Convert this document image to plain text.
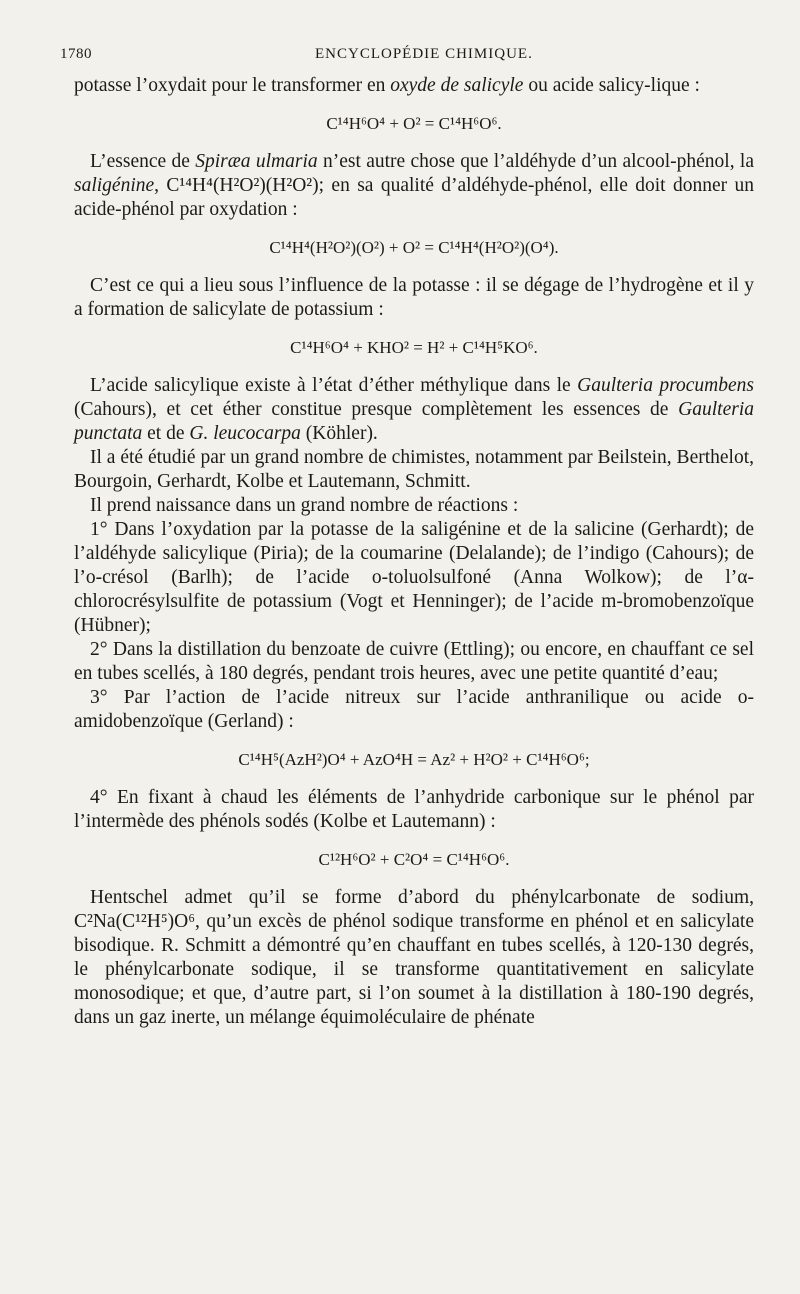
1780	ENCYCLOPÉDIE CHIMIQUE.

potasse l’oxydait pour le transformer en oxyde de salicyle ou acide salicy-lique :

C¹⁴H⁶O⁴ + O² = C¹⁴H⁶O⁶.

L’essence de Spiræa ulmaria n’est autre chose que l’aldéhyde d’un alcool-phénol, la saligénine, C¹⁴H⁴(H²O²)(H²O²); en sa qualité d’aldéhyde-phénol, elle doit donner un acide-phénol par oxydation :

C¹⁴H⁴(H²O²)(O²) + O² = C¹⁴H⁴(H²O²)(O⁴).

C’est ce qui a lieu sous l’influence de la potasse : il se dégage de l’hydrogène et il y a formation de salicylate de potassium :

C¹⁴H⁶O⁴ + KHO² = H² + C¹⁴H⁵KO⁶.

L’acide salicylique existe à l’état d’éther méthylique dans le Gaulteria procumbens (Cahours), et cet éther constitue presque complètement les essences de Gaulteria punctata et de G. leucocarpa (Köhler).

Il a été étudié par un grand nombre de chimistes, notamment par Beilstein, Berthelot, Bourgoin, Gerhardt, Kolbe et Lautemann, Schmitt.

Il prend naissance dans un grand nombre de réactions :

1° Dans l’oxydation par la potasse de la saligénine et de la salicine (Gerhardt); de l’aldéhyde salicylique (Piria); de la coumarine (Delalande); de l’indigo (Cahours); de l’o-crésol (Barlh); de l’acide o-toluolsulfoné (Anna Wolkow); de l’α-chlorocrésylsulfite de potassium (Vogt et Henninger); de l’acide m-bromobenzoïque (Hübner);

2° Dans la distillation du benzoate de cuivre (Ettling); ou encore, en chauffant ce sel en tubes scellés, à 180 degrés, pendant trois heures, avec une petite quantité d’eau;

3° Par l’action de l’acide nitreux sur l’acide anthranilique ou acide o-amidobenzoïque (Gerland) :

C¹⁴H⁵(AzH²)O⁴ + AzO⁴H = Az² + H²O² + C¹⁴H⁶O⁶;

4° En fixant à chaud les éléments de l’anhydride carbonique sur le phénol par l’intermède des phénols sodés (Kolbe et Lautemann) :

C¹²H⁶O² + C²O⁴ = C¹⁴H⁶O⁶.

Hentschel admet qu’il se forme d’abord du phénylcarbonate de sodium, C²Na(C¹²H⁵)O⁶, qu’un excès de phénol sodique transforme en phénol et en salicylate bisodique. R. Schmitt a démontré qu’en chauffant en tubes scellés, à 120-130 degrés, le phénylcarbonate sodique, il se transforme quantitativement en salicylate monosodique; et que, d’autre part, si l’on soumet à la distillation à 180-190 degrés, dans un gaz inerte, un mélange équimoléculaire de phénate
